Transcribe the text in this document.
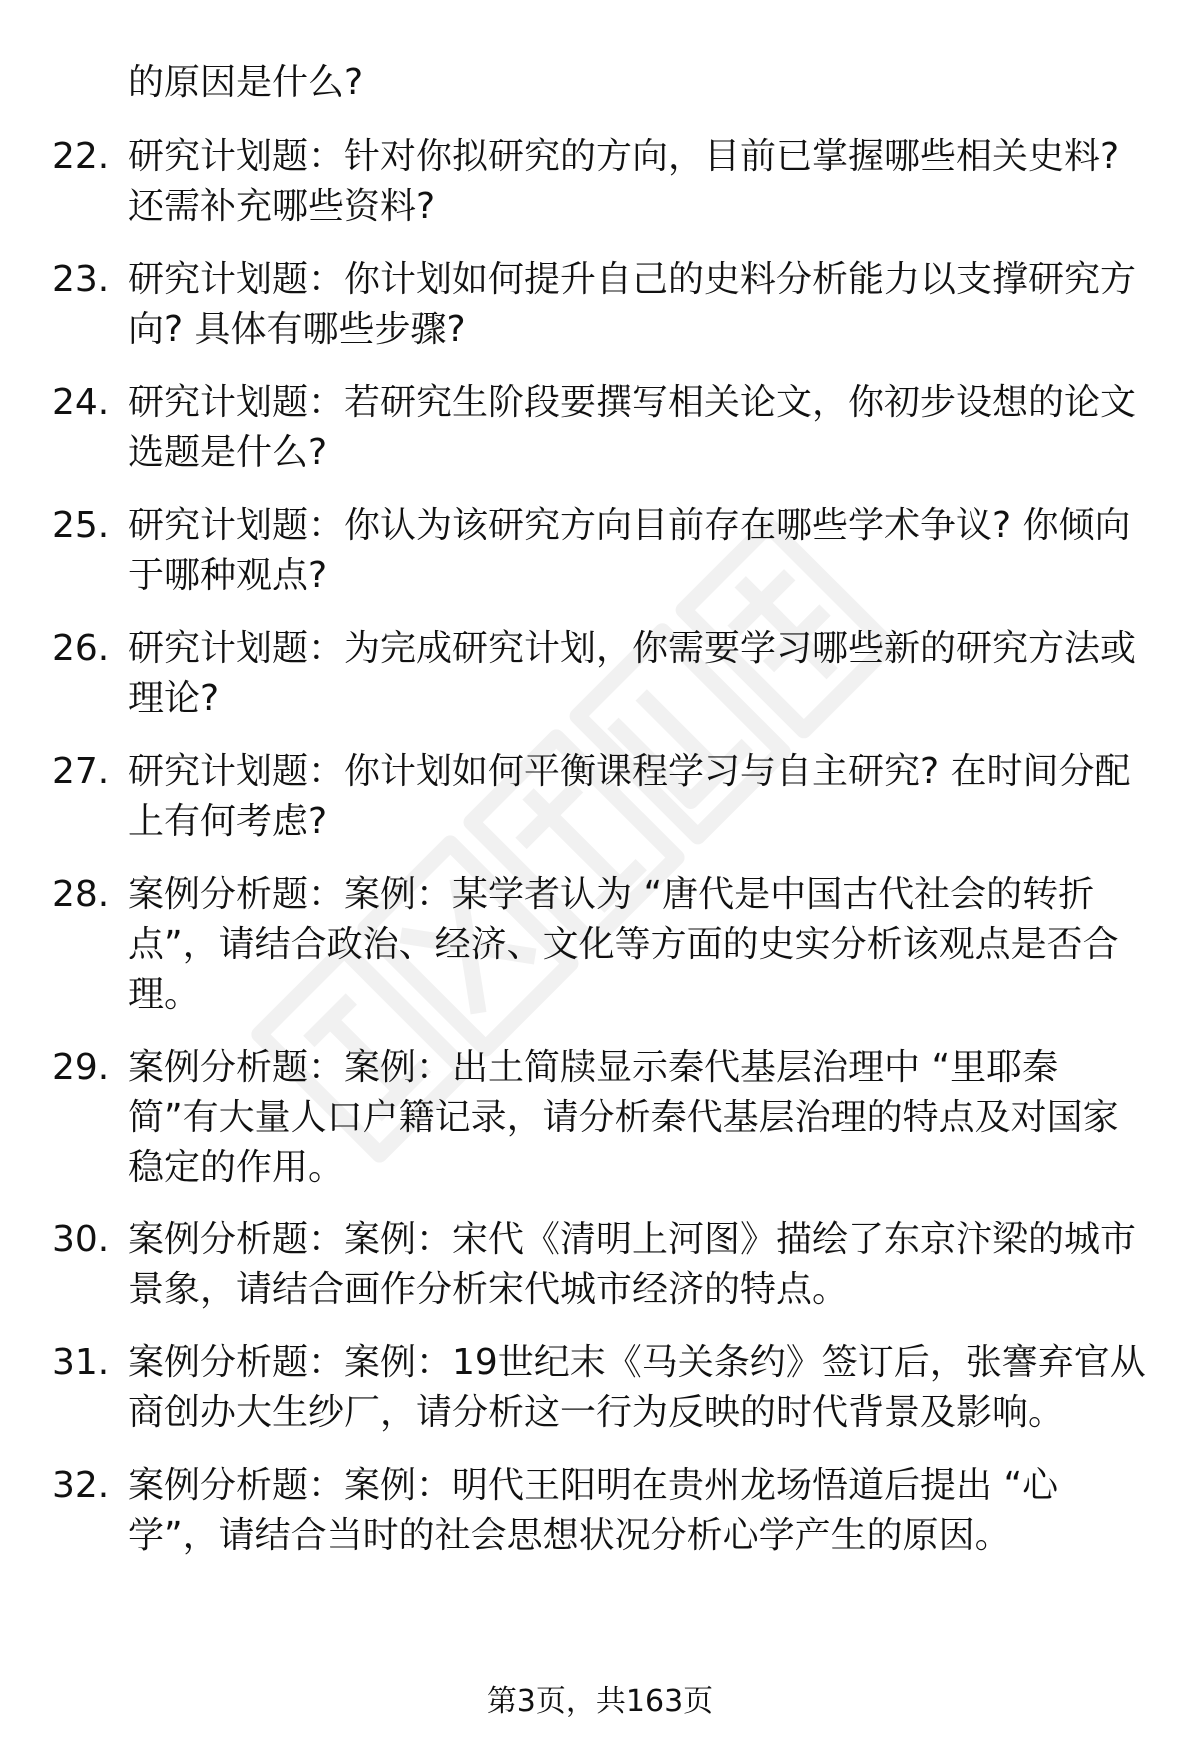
的原因是什么?
22. 研究计划题：针对你拟研究的方向，目前已掌握哪些相关史料?
还需补充哪些资料?
23. 研究计划题：你计划如何提升自己的史料分析能力以支撑研究方
向? 具体有哪些步骤?
24. 研究计划题：若研究生阶段要撰写相关论文，你初步设想的论文
选题是什么?
25. 研究计划题：你认为该研究方向目前存在哪些学术争议? 你倾向
于哪种观点?
26. 研究计划题：为完成研究计划，你需要学习哪些新的研究方法或
理论?
27. 研究计划题：你计划如何平衡课程学习与自主研究? 在时间分配
上有何考虑?
28. 案例分析题：案例：某学者认为 “唐代是中国古代社会的转折
点”，请结合政治、经济、文化等方面的史实分析该观点是否合
理。
29. 案例分析题：案例：出土简牍显示秦代基层治理中 “里耶秦
简”有大量人口户籍记录，请分析秦代基层治理的特点及对国家
稳定的作用。
30. 案例分析题：案例：宋代《清明上河图》描绘了东京汴梁的城市
景象，请结合画作分析宋代城市经济的特点。
31. 案例分析题：案例：19世纪末《马关条约》签订后，张謇弃官从
商创办大生纱厂，请分析这一行为反映的时代背景及影响。
32. 案例分析题：案例：明代王阳明在贵州龙场悟道后提出 “心
学”，请结合当时的社会思想状况分析心学产生的原因。
第3页，共163页
